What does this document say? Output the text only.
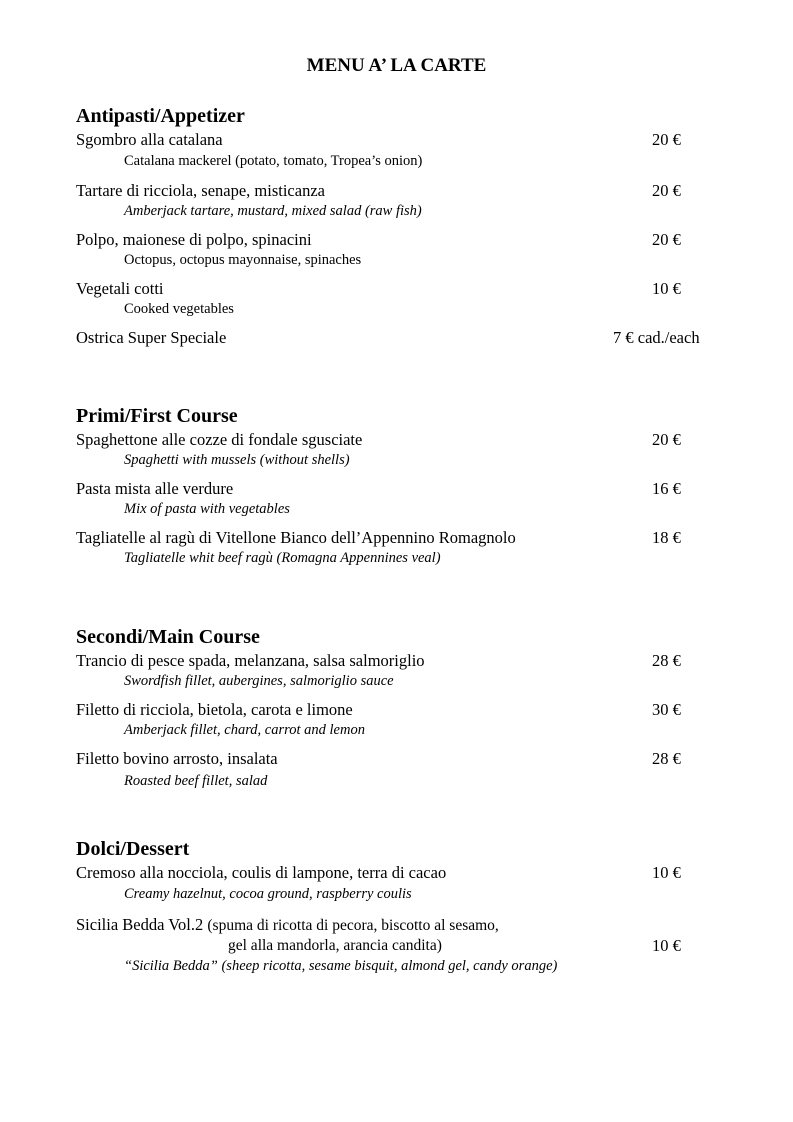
MENU A’ LA CARTE
Antipasti/Appetizer
Sgombro alla catalana	20 €
Catalana mackerel (potato, tomato, Tropea’s onion)
Tartare di ricciola, senape, misticanza	20 €
Amberjack tartare, mustard, mixed salad (raw fish)
Polpo, maionese di polpo, spinacini	20 €
Octopus, octopus mayonnaise, spinaches
Vegetali cotti	10 €
Cooked vegetables
Ostrica Super Speciale	7 € cad./each
Primi/First Course
Spaghettone alle cozze di fondale sgusciate	20 €
Spaghetti with mussels (without shells)
Pasta mista alle verdure	16 €
Mix of pasta with vegetables
Tagliatelle al ragù di Vitellone Bianco dell’Appennino Romagnolo	18 €
Tagliatelle whit beef ragù (Romagna Appennines veal)
Secondi/Main Course
Trancio di pesce spada, melanzana, salsa salmoriglio	28 €
Swordfish fillet, aubergines, salmoriglio sauce
Filetto di ricciola, bietola, carota e limone	30 €
Amberjack fillet, chard, carrot and lemon
Filetto bovino arrosto, insalata	28 €
Roasted beef fillet, salad
Dolci/Dessert
Cremoso alla nocciola, coulis di lampone, terra di cacao	10 €
Creamy hazelnut, cocoa ground, raspberry coulis
Sicilia Bedda Vol.2 (spuma di ricotta di pecora, biscotto al sesamo,
gel alla mandorla, arancia candita)	10 €
“Sicilia Bedda” (sheep ricotta, sesame bisquit, almond gel, candy orange)
